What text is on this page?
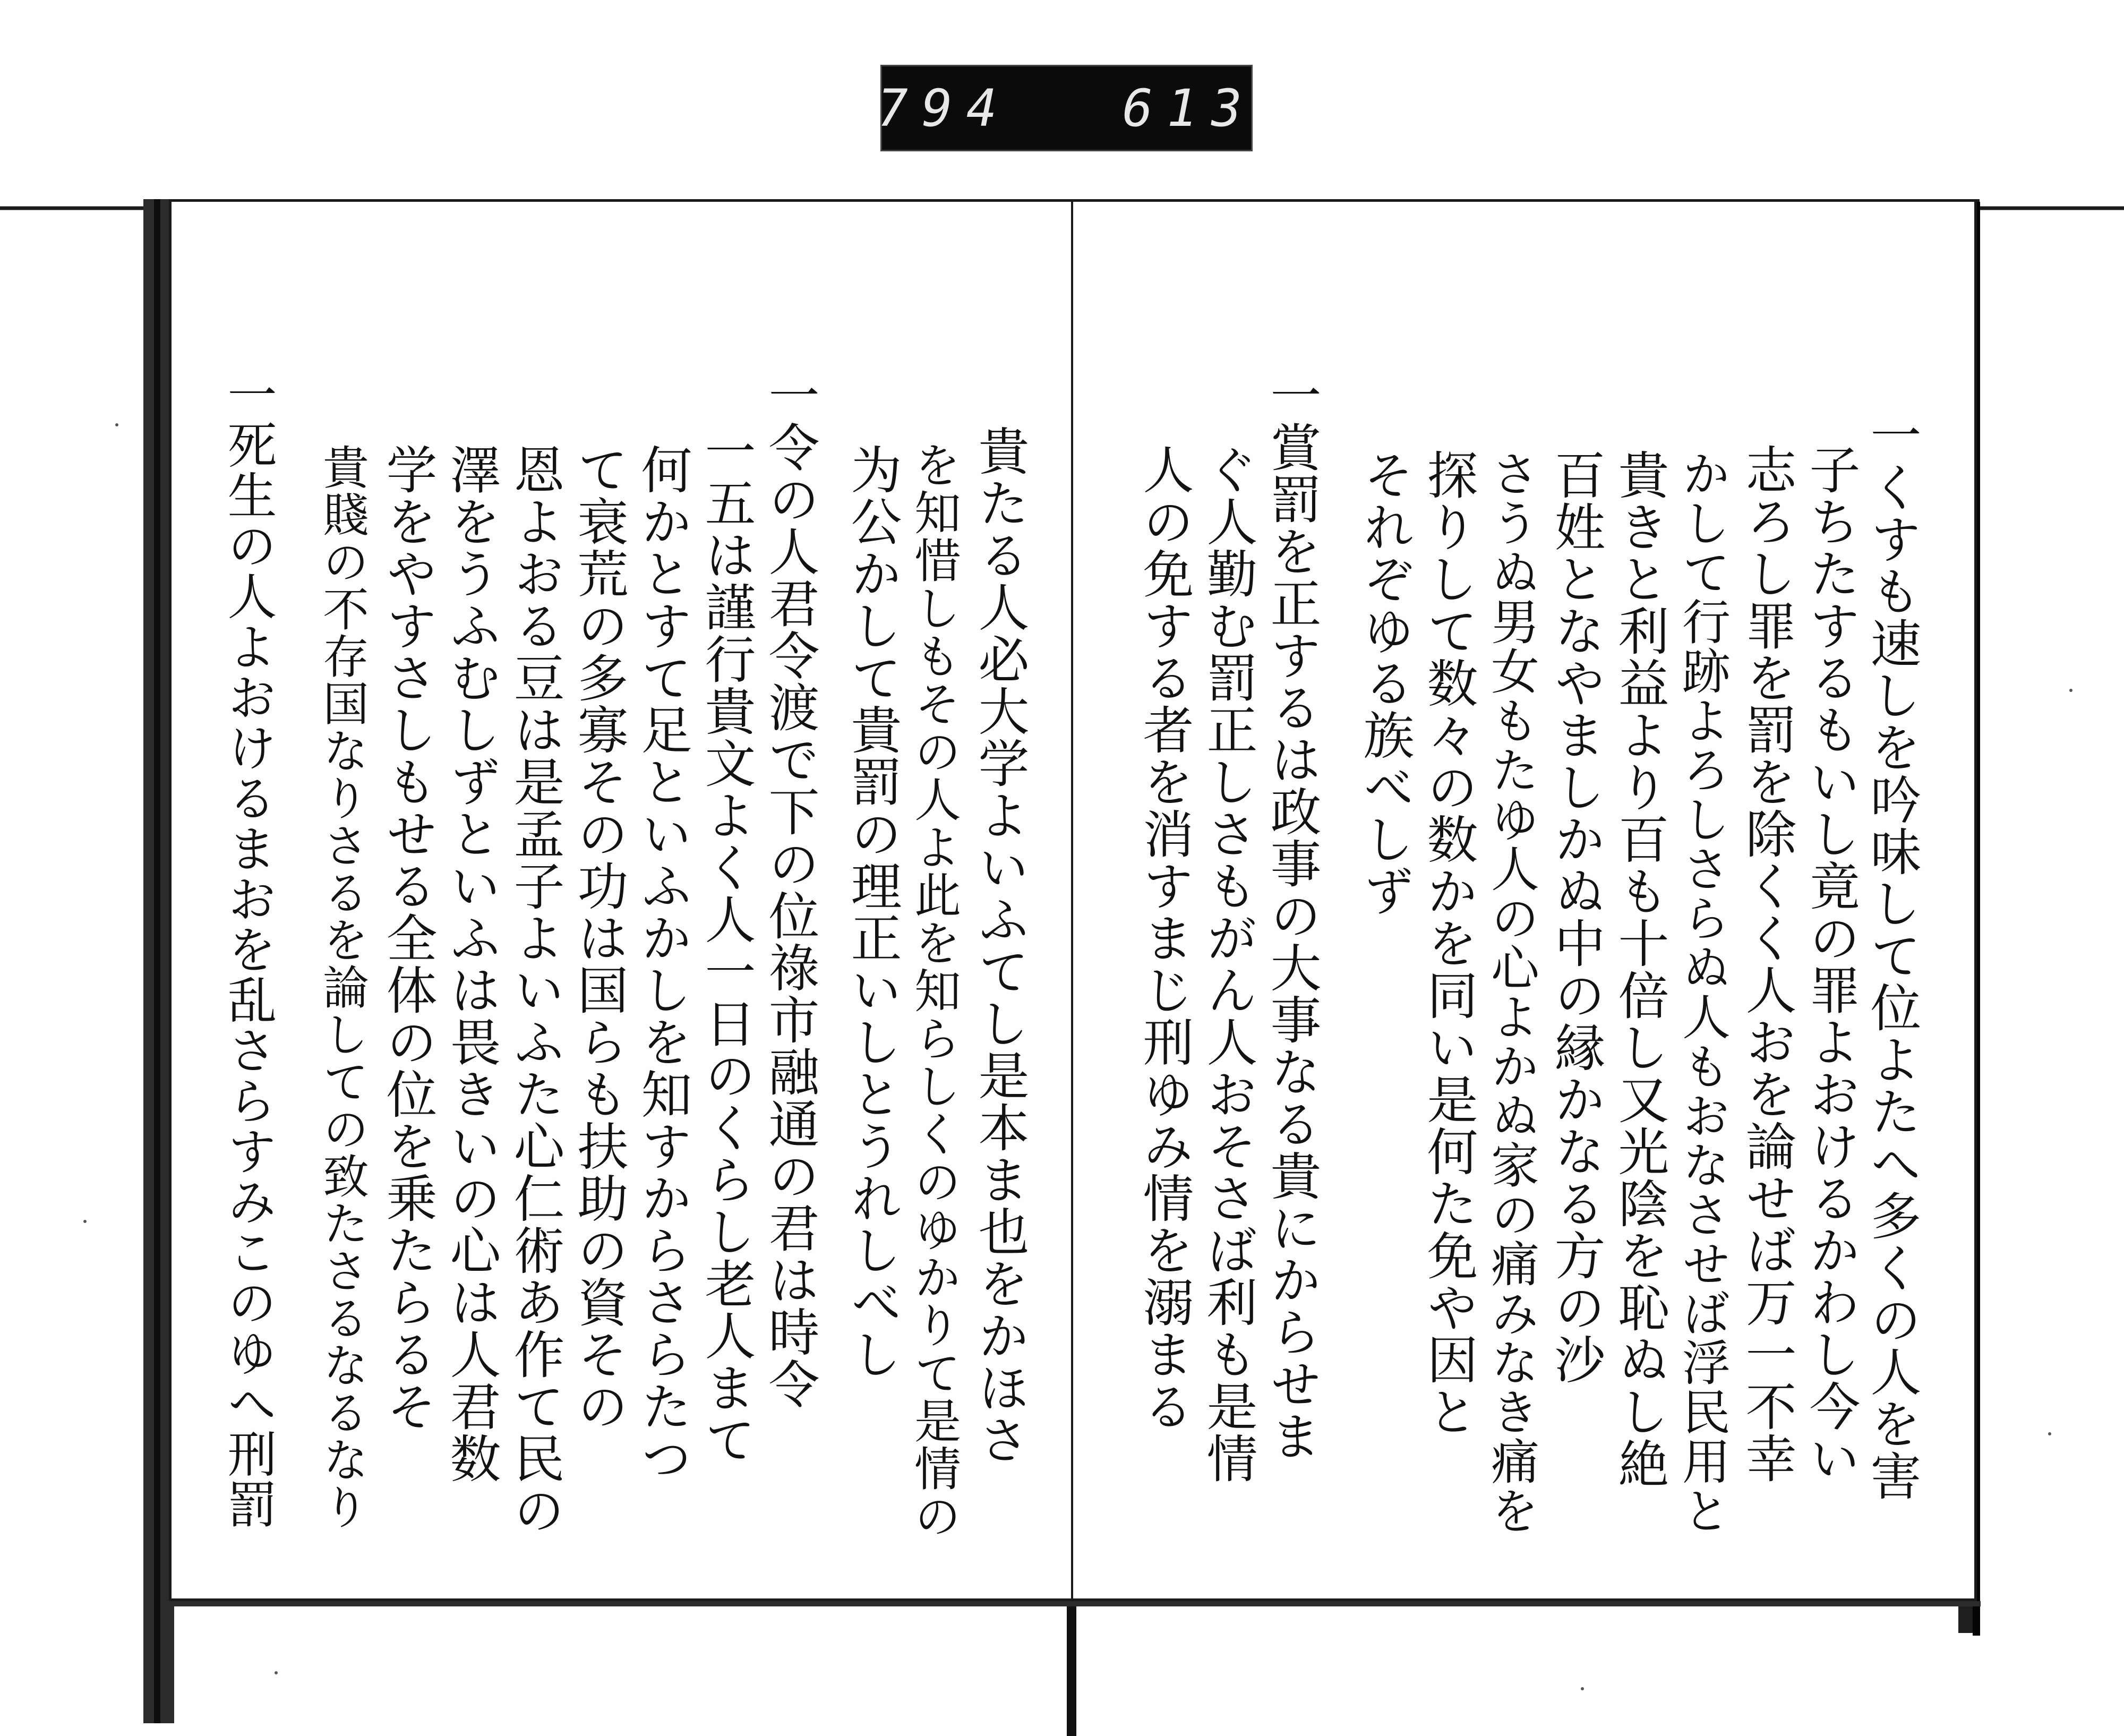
794 613
一くすも速しを吟味して位よたへ多くの人を害
子ちたするもいし竟の罪よおけるかわし今い
志ろし罪を罰を除くく人おを論せば万一不幸
かして行跡よろしさらぬ人もおなさせば浮民用と
貴きと利益より百も十倍し又光陰を恥ぬし絶
百姓となやましかぬ中の縁かなる方の沙
さうぬ男女もたゆ人の心よかぬ家の痛みなき痛を
探りして数々の数かを同い是何た免や因と
それぞゆる族べしず
一賞罰を正するは政事の大事なる貴にからせま
ぐ人勤む罰正しさもがん人おそさば利も是情
人の免する者を消すまじ刑ゆみ情を溺まる
貴たる人必大学よいふてし是本ま也をかほさ
を知惜しもその人よ此を知らしくのゆかりて是情の
为公かして貴罰の理正いしとうれしべし
一令の人君令渡で下の位祿市融通の君は時令
一五は謹行貴文よく人一日のくらし老人まて
何かとすて足といふかしを知すからさらたつ
て衰荒の多寡その功は国らも扶助の資その
恩よおる豆は是孟子よいふた心仁術あ作て民の
澤をうふむしずといふは畏きいの心は人君数
学をやすさしもせる全体の位を乗たらるそ
貴賤の不存国なりさるを論しての致たさるなるなり
一死生の人よおけるまおを乱さらすみこのゆへ刑罰
